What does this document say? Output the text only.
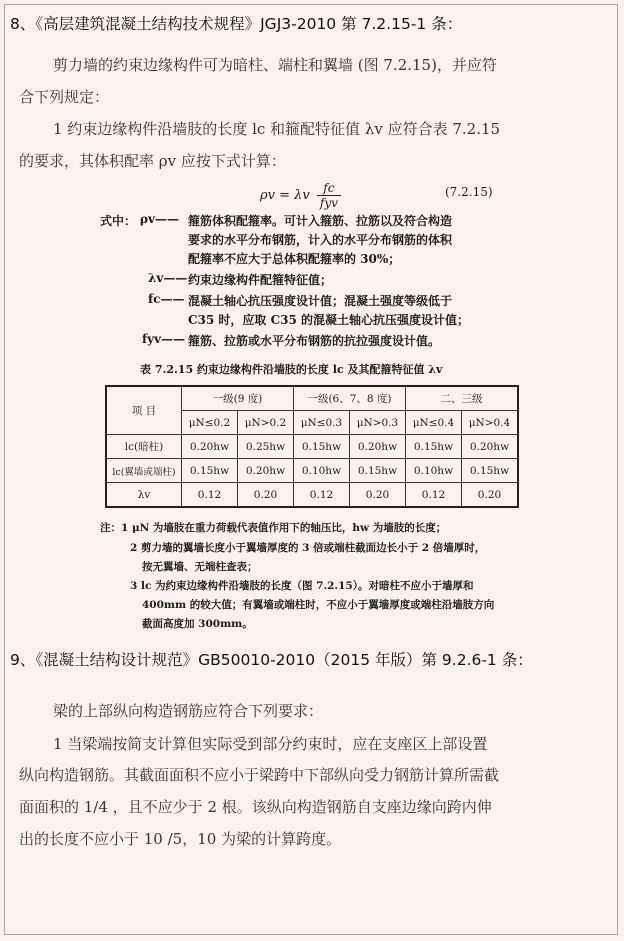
8、《高层建筑混凝土结构技术规程》JGJ3-2010 第 7.2.15-1 条：
剪力墙的约束边缘构件可为暗柱、端柱和翼墙 (图 7.2.15)，并应符
合下列规定：
1 约束边缘构件沿墙肢的长度 lc 和箍配特征值 λv 应符合表 7.2.15
的要求，其体积配率 ρv 应按下式计算：
ρv = λv $\frac{fc}{\text{fyv}}$	(7.2.15)
式中： ρv—— 箍筋体积配箍率。可计入箍筋、拉筋以及符合构造
要求的水平分布钢筋，计入的水平分布钢筋的体积
配箍率不应大于总体积配箍率的 30%；
λv—— 约束边缘构件配箍特征值；
fc—— 混凝土轴心抗压强度设计值；混凝土强度等级低于
C35 时，应取 C35 的混凝土轴心抗压强度设计值；
fyv—— 箍筋、拉筋或水平分布钢筋的抗拉强度设计值。
表 7.2.15 约束边缘构件沿墙肢的长度 lc 及其配箍特征值 λv
项 目	一级(9 度)		一级(6、7、8 度)		二、三级	
	μN≤0.2	μN>0.2	μN≤0.3	μN>0.3	μN≤0.4	μN>0.4
lc(暗柱)	0.20hw	0.25hw	0.15hw	0.20hw	0.15hw	0.20hw
lc(翼墙或端柱)	0.15hw	0.20hw	0.10hw	0.15hw	0.10hw	0.15hw
λv	0.12	0.20	0.12	0.20	0.12	0.20
注：1 μN 为墙肢在重力荷载代表值作用下的轴压比，hw 为墙肢的长度；
2 剪力墙的翼墙长度小于翼墙厚度的 3 倍或端柱截面边长小于 2 倍墙厚时，
按无翼墙、无端柱查表；
3 lc 为约束边缘构件沿墙肢的长度（图 7.2.15）。对暗柱不应小于墙厚和
400mm 的较大值；有翼墙或端柱时，不应小于翼墙厚度或端柱沿墙肢方向
截面高度加 300mm。
9、《混凝土结构设计规范》GB50010-2010（2015 年版）第 9.2.6-1 条：
梁的上部纵向构造钢筋应符合下列要求：
1 当梁端按简支计算但实际受到部分约束时，应在支座区上部设置
纵向构造钢筋。其截面面积不应小于梁跨中下部纵向受力钢筋计算所需截
面面积的 1/4 ，且不应少于 2 根。该纵向构造钢筋自支座边缘向跨内伸
出的长度不应小于 10 /5，10 为梁的计算跨度。
